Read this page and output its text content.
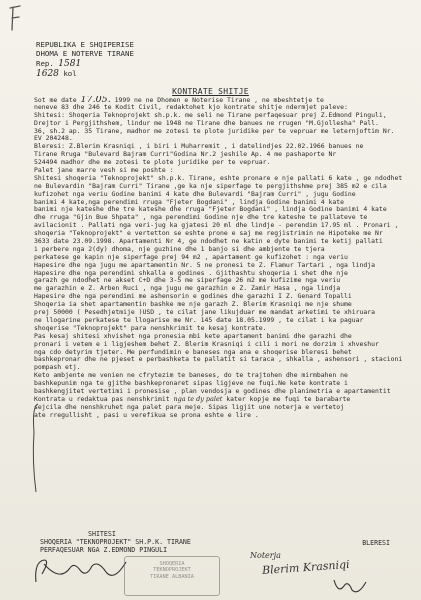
REPUBLIKA E SHQIPERISE
DHOMA E NOTERVE TIRANE
Rep. 1581
1628 kol
KONTRATE SHITJE
Sot me date 17.05. 1999 ne ne Dhomen e Noterise Tirane , ne mbeshtetje te
neneve 83 dhe 246 te Kodit Civil, redaktohet kjo kontrate shitje ndermjet paleve:
Shitesi: Shoqeria Teknoprojekt sh.p.k. me seli ne Tirane perfaqesuar prej Z.Edmond Pinguli,
Drejtor i Pergjithshem, lindur me 1948 ne Tirane dhe banues ne rrugen "M.Gjollesha" Pall.
36, sh.2 ap. 35 Tirane, madhor me zotesi te plote juridike per te vepruar me leternjoftim Nr.
EV 204248.
Bleresi: Z.Blerim Krasniqi , i biri i Muharremit , i datelindjes 22.02.1966 banues ne
Tirane Rruga "Bulevard Bajram Curri"Godina Nr.2 jeshile Ap. 4 me pashaporte Nr
524494 madhor dhe me zotesi te plote juridike per te vepruar.
Palet jane marre vesh si me poshte :
Shitesi shoqeria "Teknoprojekt" sh.p.k. Tirane, eshte pronare e nje pallati 6 kate , ge ndodhet
ne Bulevardin "Bajram Curri" Tirane ,ge ka nje siperfage te pergjithshme prej 385 m2 e cila
kufizohet nga veriu Godine banimi 4 kate dhe Bulevardi "Bajram Curri" , jugu Godine
banimi 4 kate,nga perendimi rruga "Fjeter Bogdani" , lindja Godine banimi 4 kate
banimi nje kateshe dhe tre kateshe dhe rruga "Fjeter Bogdani" , lindja Godine banimi 4 kate
dhe rruga "Gjin Bue Shpata" , nga perendimi Godine nje dhe tre kateshe te pallateve te
avilacionit . Pallati nga veri-jug ka gjatesi 20 ml dhe lindje - perendim 17.95 ml . Pronari ,
shoqeria "Teknoprojekt" e vertetton se eshte prone e saj me regjistrimin ne Hipoteke me Nr
3633 date 23.09.1998. Apartamenti Nr 4, ge ndodhet ne katin e dyte banimi te ketij pallati
i perbere nga 2(dy) dhoma, nje guzhine dhe 1 banjo si dhe ambjente te tjera
perkatese ge kapin nje siperfage prej 94 m2 , apartament ge kufizohet : nga veriu
Hapesire dhe nga jugu me apartamentin Nr. 5 ne pronesi te Z. Flamur Tartari , nga lindja
Hapesire dhe nga perendimi shkalla e godines . Gjithashtu shoqeria i shet dhe nje
garazh ge ndodhet ne akset C+D dhe 3-5 me siperfage 26 m2 me kufizime nga veriu
me garazhin e Z. Arben Ruci , nga jugu me garazhin e Z. Zamir Hasa , nga lindja
Hapesire dhe nga perendimi me ashensorin e godines dhe garazhi I Z. Genard Topalli
Shoqeria ia shet apartamentin bashke me nje garazh Z. Blerim Krasniqi me nje shume
prej 50000 ( Pesedhjetmije )USD , te cilat jane likujduar me mandat arketimi te xhiruara
ne llogarine perkatese te llogarise me Nr. 145 date 18.05.1999 , te cilat i ka paguar
shoqerise "Teknoprojekt" para nenshkrimit te kesaj kontrate.
Pas kesaj shitesi xhvishet nga pronesia mbi kete apartament banimi dhe garazhi dhe
pronari i vetem e i ligjeshem behet Z. Blerim Krasniqi i cili i mori ne dorzim i xhveshur
nga cdo detyrim tjeter. Me perfundimin e baneses nga ana e shoqerise bleresi behet
bashkepronar dhe ne pjeset e perbashketa te pallatit si taraca , shkalla , ashensori , stacioni
pompash etj.
Keto ambjente me venien ne cfrytezim te baneses, do te trajtohen dhe mirmbahen ne
bashkepunim nga te gjithe bashkepronaret sipas ligjeve ne fuqi.Ne kete kontrate i
bashkengjitet vertetimi i pronesise , plan vendosja e godines dhe planimetria e apartamentit
Kontrata u redaktua pas nenshkrimit nga te dy palet kater kopje me fuqi te barabarte
sejcila dhe nenshkruhet nga palet para meje. Sipas ligjit une noterja e vertetoj
ate rregullisht , pasi u verefikua se prona eshte e lire .
SHITESI
SHOQERIA "TEKNOPROJEKT" SH.P.K. TIRANE
PERFAQESUAR NGA Z.EDMOND PINGULI
BLERESI
SHOQERIA
TEKNOPROJEKT
TIRANE ALBANIA
Noterja
Blerim Krasniqi
